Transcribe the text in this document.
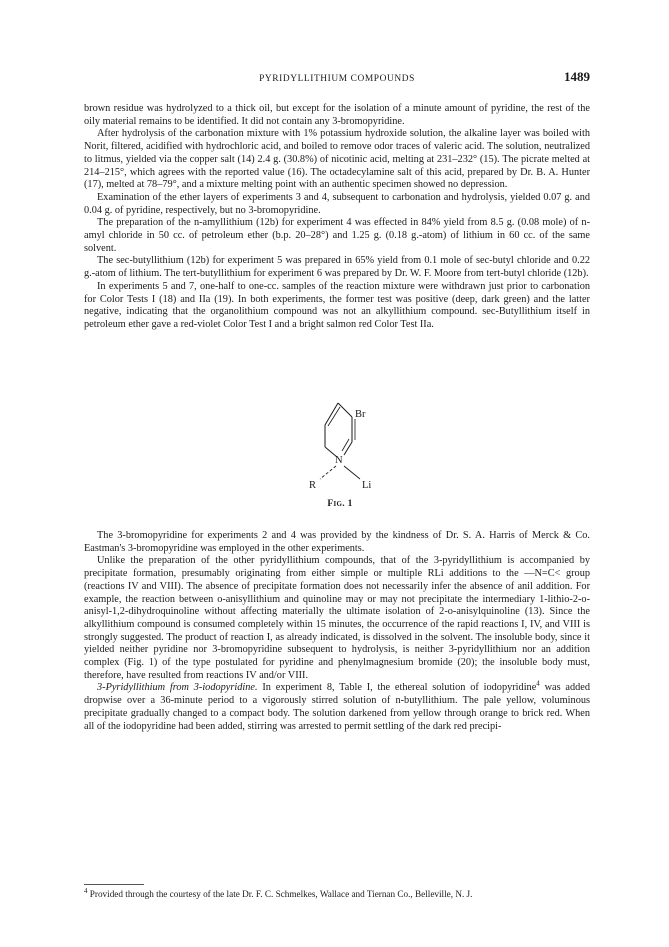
PYRIDYLLITHIUM COMPOUNDS	1489

brown residue was hydrolyzed to a thick oil, but except for the isolation of a minute amount of pyridine, the rest of the oily material remains to be identified. It did not contain any 3-bromopyridine.

After hydrolysis of the carbonation mixture with 1% potassium hydroxide solution, the alkaline layer was boiled with Norit, filtered, acidified with hydrochloric acid, and boiled to remove odor traces of valeric acid. The solution, neutralized to litmus, yielded via the copper salt (14) 2.4 g. (30.8%) of nicotinic acid, melting at 231–232° (15). The picrate melted at 214–215°, which agrees with the reported value (16). The octadecylamine salt of this acid, prepared by Dr. B. A. Hunter (17), melted at 78–79°, and a mixture melting point with an authentic specimen showed no depression.

Examination of the ether layers of experiments 3 and 4, subsequent to carbonation and hydrolysis, yielded 0.07 g. and 0.04 g. of pyridine, respectively, but no 3-bromopyridine.

The preparation of the n-amyllithium (12b) for experiment 4 was effected in 84% yield from 8.5 g. (0.08 mole) of n-amyl chloride in 50 cc. of petroleum ether (b.p. 20–28°) and 1.25 g. (0.18 g.-atom) of lithium in 60 cc. of the same solvent.

The sec-butyllithium (12b) for experiment 5 was prepared in 65% yield from 0.1 mole of sec-butyl chloride and 0.22 g.-atom of lithium. The tert-butyllithium for experiment 6 was prepared by Dr. W. F. Moore from tert-butyl chloride (12b).

In experiments 5 and 7, one-half to one-cc. samples of the reaction mixture were withdrawn just prior to carbonation for Color Tests I (18) and IIa (19). In both experiments, the former test was positive (deep, dark green) and the latter negative, indicating that the organolithium compound was not an alkyllithium compound. sec-Butyllithium itself in petroleum ether gave a red-violet Color Test I and a bright salmon red Color Test IIa.

Br
N
R	Li
Fig. 1

The 3-bromopyridine for experiments 2 and 4 was provided by the kindness of Dr. S. A. Harris of Merck & Co. Eastman's 3-bromopyridine was employed in the other experiments.

Unlike the preparation of the other pyridyllithium compounds, that of the 3-pyridyllithium is accompanied by precipitate formation, presumably originating from either simple or multiple RLi additions to the —N=C< group (reactions IV and VIII). The absence of precipitate formation does not necessarily infer the absence of anil addition. For example, the reaction between o-anisyllithium and quinoline may or may not precipitate the intermediary 1-lithio-2-o-anisyl-1,2-dihydroquinoline without affecting materially the ultimate isolation of 2-o-anisylquinoline (13). Since the alkyllithium compound is consumed completely within 15 minutes, the occurrence of the rapid reactions I, IV, and VIII is strongly suggested. The product of reaction I, as already indicated, is dissolved in the solvent. The insoluble body, since it yielded neither pyridine nor 3-bromopyridine subsequent to hydrolysis, is neither 3-pyridyllithium nor an addition complex (Fig. 1) of the type postulated for pyridine and phenylmagnesium bromide (20); the insoluble body must, therefore, have resulted from reactions IV and/or VIII.

3-Pyridyllithium from 3-iodopyridine. In experiment 8, Table I, the ethereal solution of iodopyridine$^4$ was added dropwise over a 36-minute period to a vigorously stirred solution of n-butyllithium. The pale yellow, voluminous precipitate gradually changed to a compact body. The solution darkened from yellow through orange to brick red. When all of the iodopyridine had been added, stirring was arrested to permit settling of the dark red precipi-

$^4$ Provided through the courtesy of the late Dr. F. C. Schmelkes, Wallace and Tiernan Co., Belleville, N. J.
